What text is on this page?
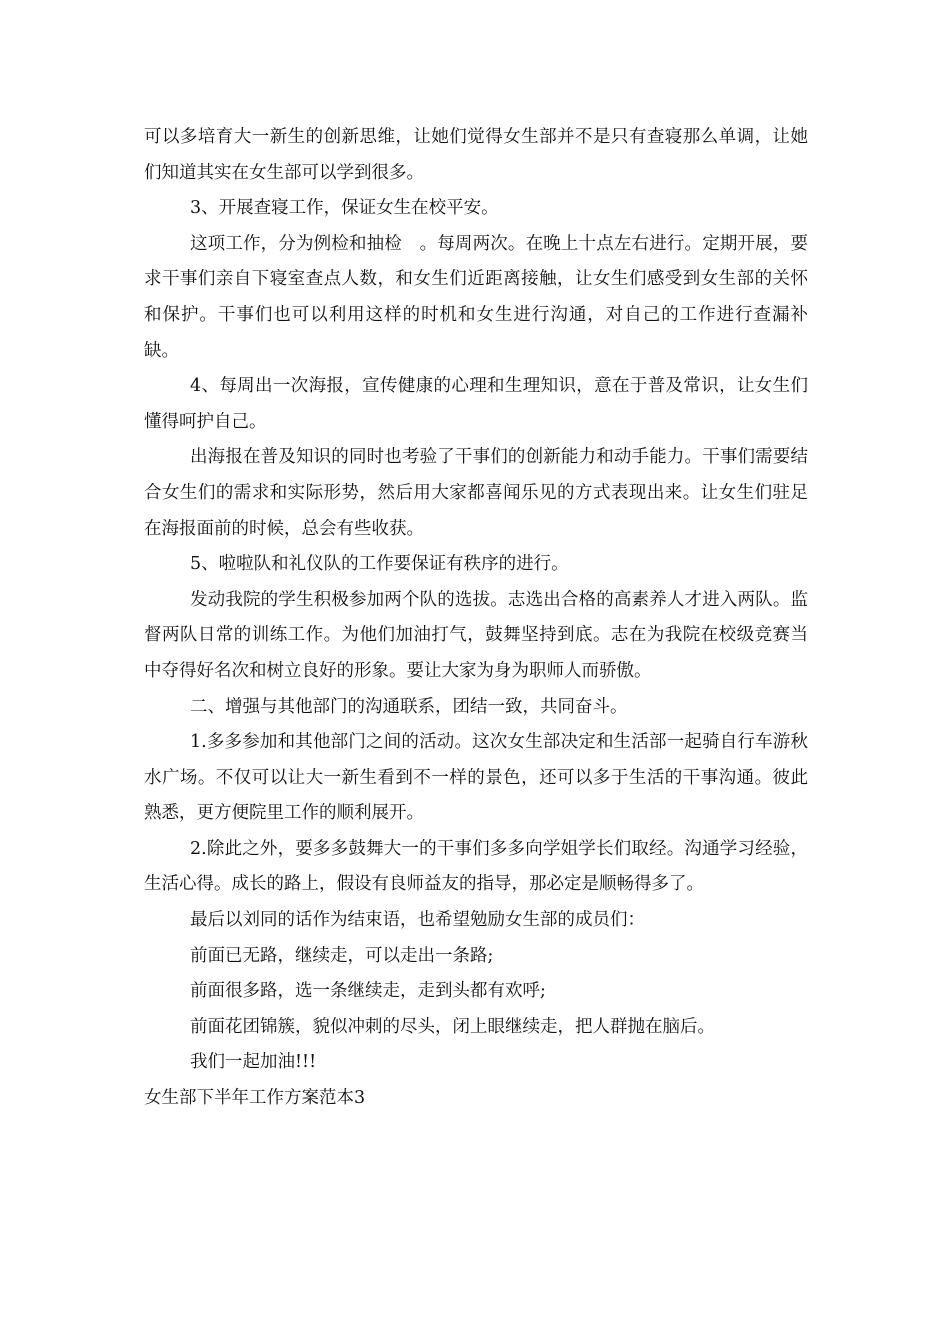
可以多培育大一新生的创新思维，让她们觉得女生部并不是只有查寝那么单调，让她们知道其实在女生部可以学到很多。

3、开展查寝工作，保证女生在校平安。

这项工作，分为例检和抽检　。每周两次。在晚上十点左右进行。定期开展，要求干事们亲自下寝室查点人数，和女生们近距离接触，让女生们感受到女生部的关怀和保护。干事们也可以利用这样的时机和女生进行沟通，对自己的工作进行查漏补缺。

4、每周出一次海报，宣传健康的心理和生理知识，意在于普及常识，让女生们懂得呵护自己。

出海报在普及知识的同时也考验了干事们的创新能力和动手能力。干事们需要结合女生们的需求和实际形势，然后用大家都喜闻乐见的方式表现出来。让女生们驻足在海报面前的时候，总会有些收获。

5、啦啦队和礼仪队的工作要保证有秩序的进行。

发动我院的学生积极参加两个队的选拔。志选出合格的高素养人才进入两队。监督两队日常的训练工作。为他们加油打气，鼓舞坚持到底。志在为我院在校级竞赛当中夺得好名次和树立良好的形象。要让大家为身为职师人而骄傲。

二、增强与其他部门的沟通联系，团结一致，共同奋斗。

1.多多参加和其他部门之间的活动。这次女生部决定和生活部一起骑自行车游秋水广场。不仅可以让大一新生看到不一样的景色，还可以多于生活的干事沟通。彼此熟悉，更方便院里工作的顺利展开。

2.除此之外，要多多鼓舞大一的干事们多多向学姐学长们取经。沟通学习经验，生活心得。成长的路上，假设有良师益友的指导，那必定是顺畅得多了。

最后以刘同的话作为结束语，也希望勉励女生部的成员们：

前面已无路，继续走，可以走出一条路;

前面很多路，选一条继续走，走到头都有欢呼;

前面花团锦簇，貌似冲刺的尽头，闭上眼继续走，把人群抛在脑后。

我们一起加油!!!

女生部下半年工作方案范本3
